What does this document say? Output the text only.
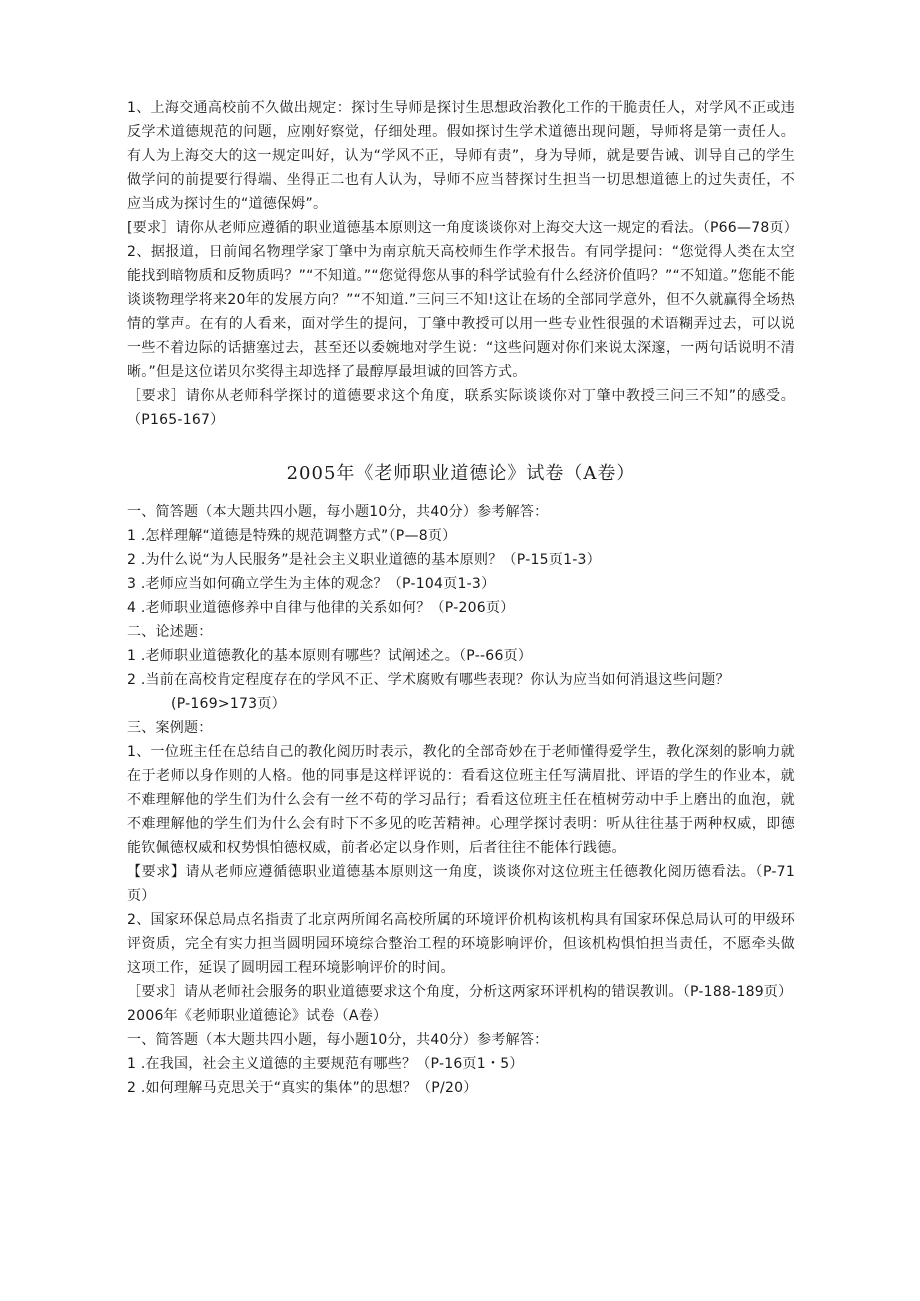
1、上海交通高校前不久做出规定：探讨生导师是探讨生思想政治教化工作的干脆责任人，对学风不正或违反学术道德规范的问题，应刚好察觉，仔细处理。假如探讨生学术道德出现问题，导师将是第一责任人。有人为上海交大的这一规定叫好，认为“学风不正，导师有责”，身为导师，就是要告诫、训导自己的学生做学问的前提要行得端、坐得正二也有人认为，导师不应当替探讨生担当一切思想道德上的过失责任，不应当成为探讨生的“道德保姆”。

[要求］请你从老师应遵循的职业道德基本原则这一角度谈谈你对上海交大这一规定的看法。（P66—78页）

2、据报道，日前闻名物理学家丁肇中为南京航天高校师生作学术报告。有同学提问：“您觉得人类在太空能找到暗物质和反物质吗？”“不知道。”“您觉得您从事的科学试验有什么经济价值吗？”“不知道。”您能不能谈谈物理学将来20年的发展方向？”“不知道.”三问三不知!这让在场的全部同学意外，但不久就赢得全场热情的掌声。在有的人看来，面对学生的提问，丁肇中教授可以用一些专业性很强的术语糊弄过去，可以说一些不着边际的话搪塞过去，甚至还以委婉地对学生说：“这些问题对你们来说太深邃，一两句话说明不清晰。”但是这位诺贝尔奖得主却选择了最醇厚最坦诚的回答方式。

［要求］请你从老师科学探讨的道德要求这个角度，联系实际谈谈你对丁肇中教授三问三不知”的感受。（P165-167）

2005年《老师职业道德论》试卷（A卷）

一、简答题（本大题共四小题，每小题10分，共40分）参考解答：

1 .怎样理解“道德是特殊的规范调整方式”（P—8页）

2 .为什么说“为人民服务”是社会主义职业道德的基本原则？（P-15页1-3）

3 .老师应当如何确立学生为主体的观念？（P-104页1-3）

4 .老师职业道德修养中自律与他律的关系如何？（P-206页）

二、论述题：

1 .老师职业道德教化的基本原则有哪些？试阐述之。（P--66页）

2 .当前在高校肯定程度存在的学风不正、学术腐败有哪些表现？你认为应当如何消退这些问题？

(P-169>173页）

三、案例题：

1、一位班主任在总结自己的教化阅历时表示，教化的全部奇妙在于老师懂得爱学生，教化深刻的影响力就在于老师以身作则的人格。他的同事是这样评说的：看看这位班主任写满眉批、评语的学生的作业本，就不难理解他的学生们为什么会有一丝不苟的学习品行；看看这位班主任在植树劳动中手上磨出的血泡，就不难理解他的学生们为什么会有时下不多见的吃苦精神。心理学探讨表明：听从往往基于两种权威，即德能钦佩德权威和权势惧怕德权威，前者必定以身作则，后者往往不能体行践德。

【要求】请从老师应遵循德职业道德基本原则这一角度，谈谈你对这位班主任德教化阅历德看法。（P-71页）

2、国家环保总局点名指责了北京两所闻名高校所属的环境评价机构该机构具有国家环保总局认可的甲级环评资质，完全有实力担当圆明园环境综合整治工程的环境影响评价，但该机构惧怕担当责任，不愿牵头做这项工作，延误了圆明园工程环境影响评价的时间。

［要求］请从老师社会服务的职业道德要求这个角度，分析这两家环评机构的错误教训。（P-188-189页）

2006年《老师职业道德论》试卷（A卷）

一、简答题（本大题共四小题，每小题10分，共40分）参考解答：

1 .在我国，社会主义道德的主要规范有哪些？（P-16页1・5）

2 .如何理解马克思关于“真实的集体”的思想？（P/20）
